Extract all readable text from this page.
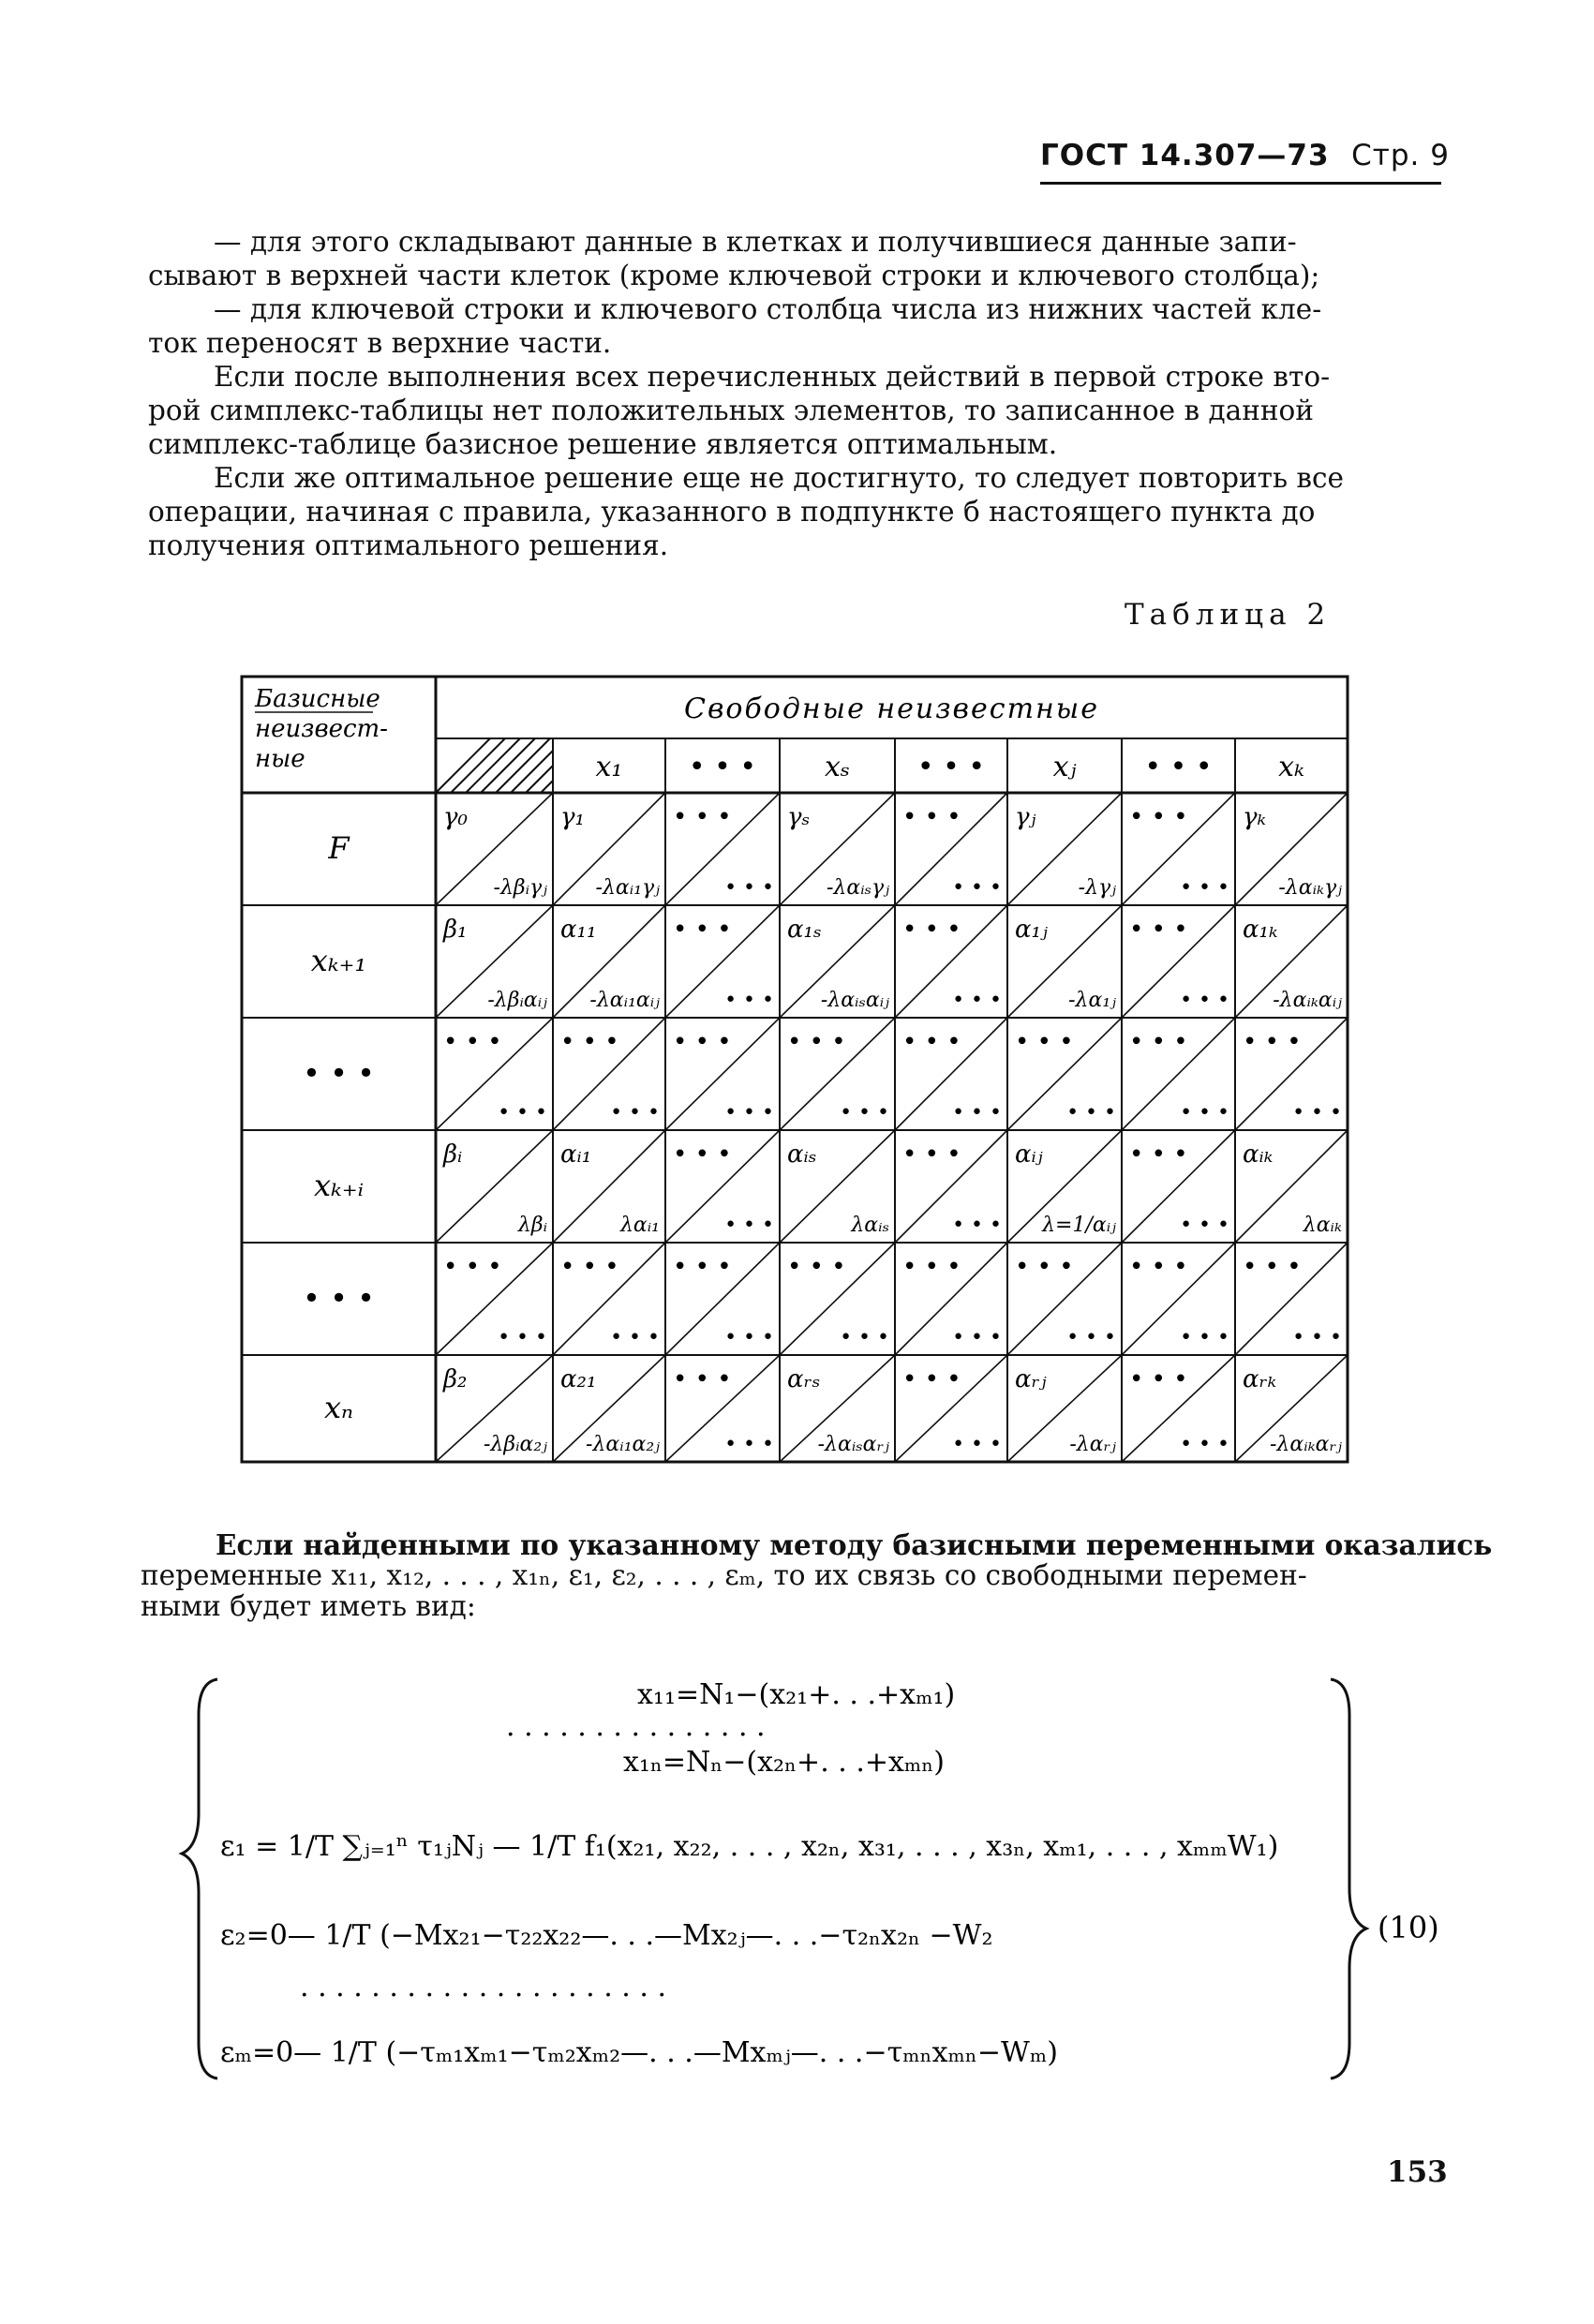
ГОСТ 14.307—73 Стр. 9
— для этого складывают данные в клетках и получившиеся данные запи-
сывают в верхней части клеток (кроме ключевой строки и ключевого столбца);
— для ключевой строки и ключевого столбца числа из нижних частей кле-
ток переносят в верхние части.
Если после выполнения всех перечисленных действий в первой строке вто-
рой симплекс-таблицы нет положительных элементов, то записанное в данной
симплекс-таблице базисное решение является оптимальным.
Если же оптимальное решение еще не достигнуто, то следует повторить все
операции, начиная с правила, указанного в подпункте б настоящего пункта до
получения оптимального решения.
Таблица 2
Базисные
неизвест-
ные
Свободные неизвестные
x₁ • • • xₛ • • • xⱼ • • • xₖ
F
γ₀
-λβᵢγⱼ
γ₁
-λαᵢ₁γⱼ
• • •
• • •
γₛ
-λαᵢₛγⱼ
• • •
• • •
γⱼ
-λγⱼ
• • •
• • •
γₖ
-λαᵢₖγⱼ
xₖ₊₁
β₁
-λβᵢαᵢⱼ
α₁₁
-λαᵢ₁αᵢⱼ
• • •
• • •
α₁ₛ
-λαᵢₛαᵢⱼ
• • •
• • •
α₁ⱼ
-λα₁ⱼ
• • •
• • •
α₁ₖ
-λαᵢₖαᵢⱼ
• • •
• • •
• • •
• • •
• • •
• • •
• • •
• • •
• • •
• • •
• • •
• • •
• • •
• • •
• • •
• • •
• • •
xₖ₊ᵢ
βᵢ
λβᵢ
αᵢ₁
λαᵢ₁
• • •
• • •
αᵢₛ
λαᵢₛ
• • •
• • •
αᵢⱼ
λ=1/αᵢⱼ
• • •
• • •
αᵢₖ
λαᵢₖ
• • •
• • •
• • •
• • •
• • •
• • •
• • •
• • •
• • •
• • •
• • •
• • •
• • •
• • •
• • •
• • •
• • •
xₙ
β₂
-λβᵢα₂ⱼ
α₂₁
-λαᵢ₁α₂ⱼ
• • •
• • •
αᵣₛ
-λαᵢₛαᵣⱼ
• • •
• • •
αᵣⱼ
-λαᵣⱼ
• • •
• • •
αᵣₖ
-λαᵢₖαᵣⱼ
Если найденными по указанному методу базисными переменными оказались
переменные x₁₁, x₁₂, . . . , x₁ₙ, ε₁, ε₂, . . . , εₘ, то их связь со свободными перемен-
ными будет иметь вид:
x₁₁=N₁−(x₂₁+. . .+xₘ₁)
. . . . . . . . . . . . . . .
x₁ₙ=Nₙ−(x₂ₙ+. . .+xₘₙ)
ε₁ = 1/T ∑ⱼ₌₁ⁿ τ₁ⱼNⱼ — 1/T f₁(x₂₁, x₂₂, . . . , x₂ₙ, x₃₁, . . . , x₃ₙ, xₘ₁, . . . , xₘₘW₁)
ε₂=0— 1/T (−Mx₂₁−τ₂₂x₂₂—. . .—Mx₂ⱼ—. . .−τ₂ₙx₂ₙ −W₂
. . . . . . . . . . . . . . . . . . . . .
εₘ=0— 1/T (−τₘ₁xₘ₁−τₘ₂xₘ₂—. . .—Mxₘⱼ—. . .−τₘₙxₘₙ−Wₘ)
(10)
153
